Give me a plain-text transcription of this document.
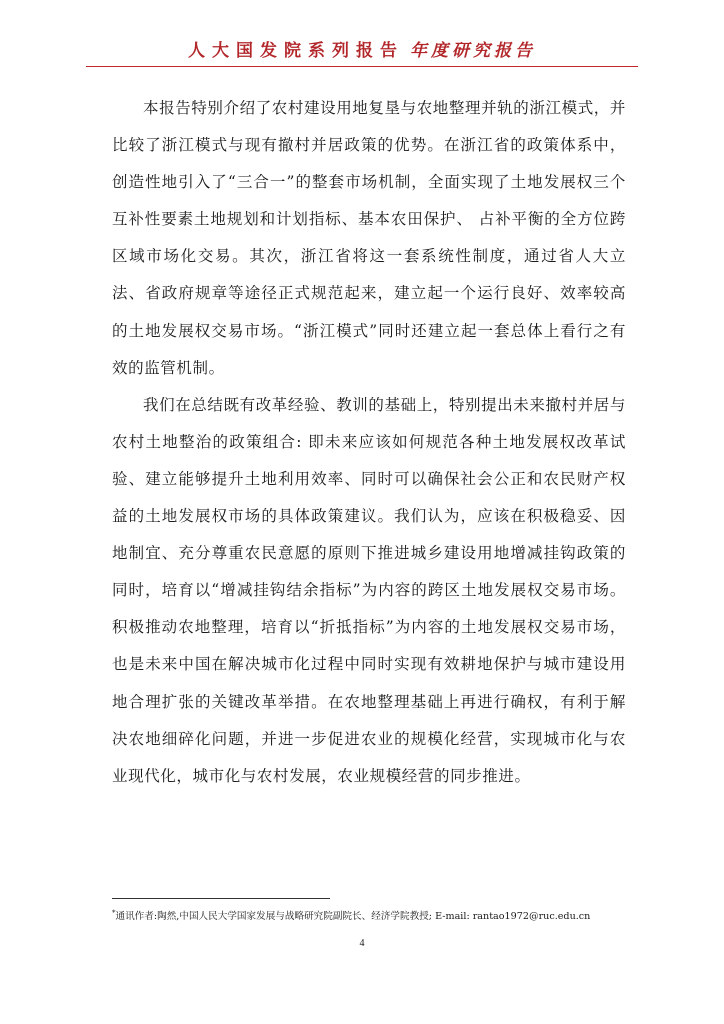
人大国发院系列报告 年度研究报告

本报告特别介绍了农村建设用地复垦与农地整理并轨的浙江模式，并比较了浙江模式与现有撤村并居政策的优势。在浙江省的政策体系中，创造性地引入了“三合一”的整套市场机制，全面实现了土地发展权三个互补性要素土地规划和计划指标、基本农田保护、 占补平衡的全方位跨区域市场化交易。其次，浙江省将这一套系统性制度，通过省人大立法、省政府规章等途径正式规范起来，建立起一个运行良好、效率较高的土地发展权交易市场。“浙江模式”同时还建立起一套总体上看行之有效的监管机制。

我们在总结既有改革经验、教训的基础上，特别提出未来撤村并居与农村土地整治的政策组合: 即未来应该如何规范各种土地发展权改革试验、建立能够提升土地利用效率、同时可以确保社会公正和农民财产权益的土地发展权市场的具体政策建议。我们认为，应该在积极稳妥、因地制宜、充分尊重农民意愿的原则下推进城乡建设用地增减挂钩政策的同时，培育以“增减挂钩结余指标”为内容的跨区土地发展权交易市场。积极推动农地整理，培育以“折抵指标”为内容的土地发展权交易市场，也是未来中国在解决城市化过程中同时实现有效耕地保护与城市建设用地合理扩张的关键改革举措。在农地整理基础上再进行确权，有利于解决农地细碎化问题，并进一步促进农业的规模化经营，实现城市化与农业现代化，城市化与农村发展，农业规模经营的同步推进。

*通讯作者:陶然,中国人民大学国家发展与战略研究院副院长、经济学院教授; E-mail: rantao1972@ruc.edu.cn
4
